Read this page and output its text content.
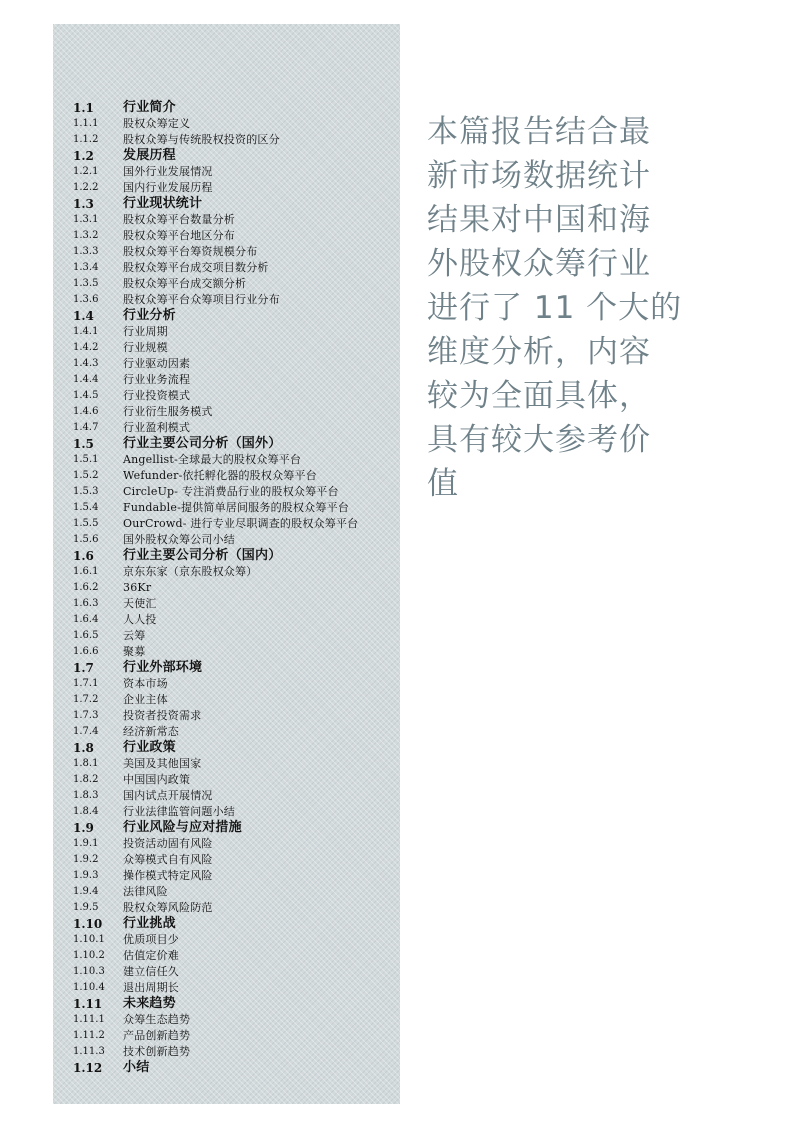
1.1	行业简介
1.1.1	股权众筹定义
1.1.2	股权众筹与传统股权投资的区分
1.2	发展历程
1.2.1	国外行业发展情况
1.2.2	国内行业发展历程
1.3	行业现状统计
1.3.1	股权众筹平台数量分析
1.3.2	股权众筹平台地区分布
1.3.3	股权众筹平台筹资规模分布
1.3.4	股权众筹平台成交项目数分析
1.3.5	股权众筹平台成交额分析
1.3.6	股权众筹平台众筹项目行业分布
1.4	行业分析
1.4.1	行业周期
1.4.2	行业规模
1.4.3	行业驱动因素
1.4.4	行业业务流程
1.4.5	行业投资模式
1.4.6	行业衍生服务模式
1.4.7	行业盈利模式
1.5	行业主要公司分析（国外）
1.5.1	Angellist-全球最大的股权众筹平台
1.5.2	Wefunder-依托孵化器的股权众筹平台
1.5.3	CircleUp- 专注消费品行业的股权众筹平台
1.5.4	Fundable-提供简单居间服务的股权众筹平台
1.5.5	OurCrowd- 进行专业尽职调查的股权众筹平台
1.5.6	国外股权众筹公司小结
1.6	行业主要公司分析（国内）
1.6.1	京东东家（京东股权众筹）
1.6.2	36Kr
1.6.3	天使汇
1.6.4	人人投
1.6.5	云筹
1.6.6	聚募
1.7	行业外部环境
1.7.1	资本市场
1.7.2	企业主体
1.7.3	投资者投资需求
1.7.4	经济新常态
1.8	行业政策
1.8.1	美国及其他国家
1.8.2	中国国内政策
1.8.3	国内试点开展情况
1.8.4	行业法律监管问题小结
1.9	行业风险与应对措施
1.9.1	投资活动固有风险
1.9.2	众筹模式自有风险
1.9.3	操作模式特定风险
1.9.4	法律风险
1.9.5	股权众筹风险防范
1.10	行业挑战
1.10.1	优质项目少
1.10.2	估值定价难
1.10.3	建立信任久
1.10.4	退出周期长
1.11	未来趋势
1.11.1	众筹生态趋势
1.11.2	产品创新趋势
1.11.3	技术创新趋势
1.12	小结
本篇报告结合最
新市场数据统计
结果对中国和海
外股权众筹行业
进行了 11 个大的
维度分析，内容
较为全面具体，
具有较大参考价
值
